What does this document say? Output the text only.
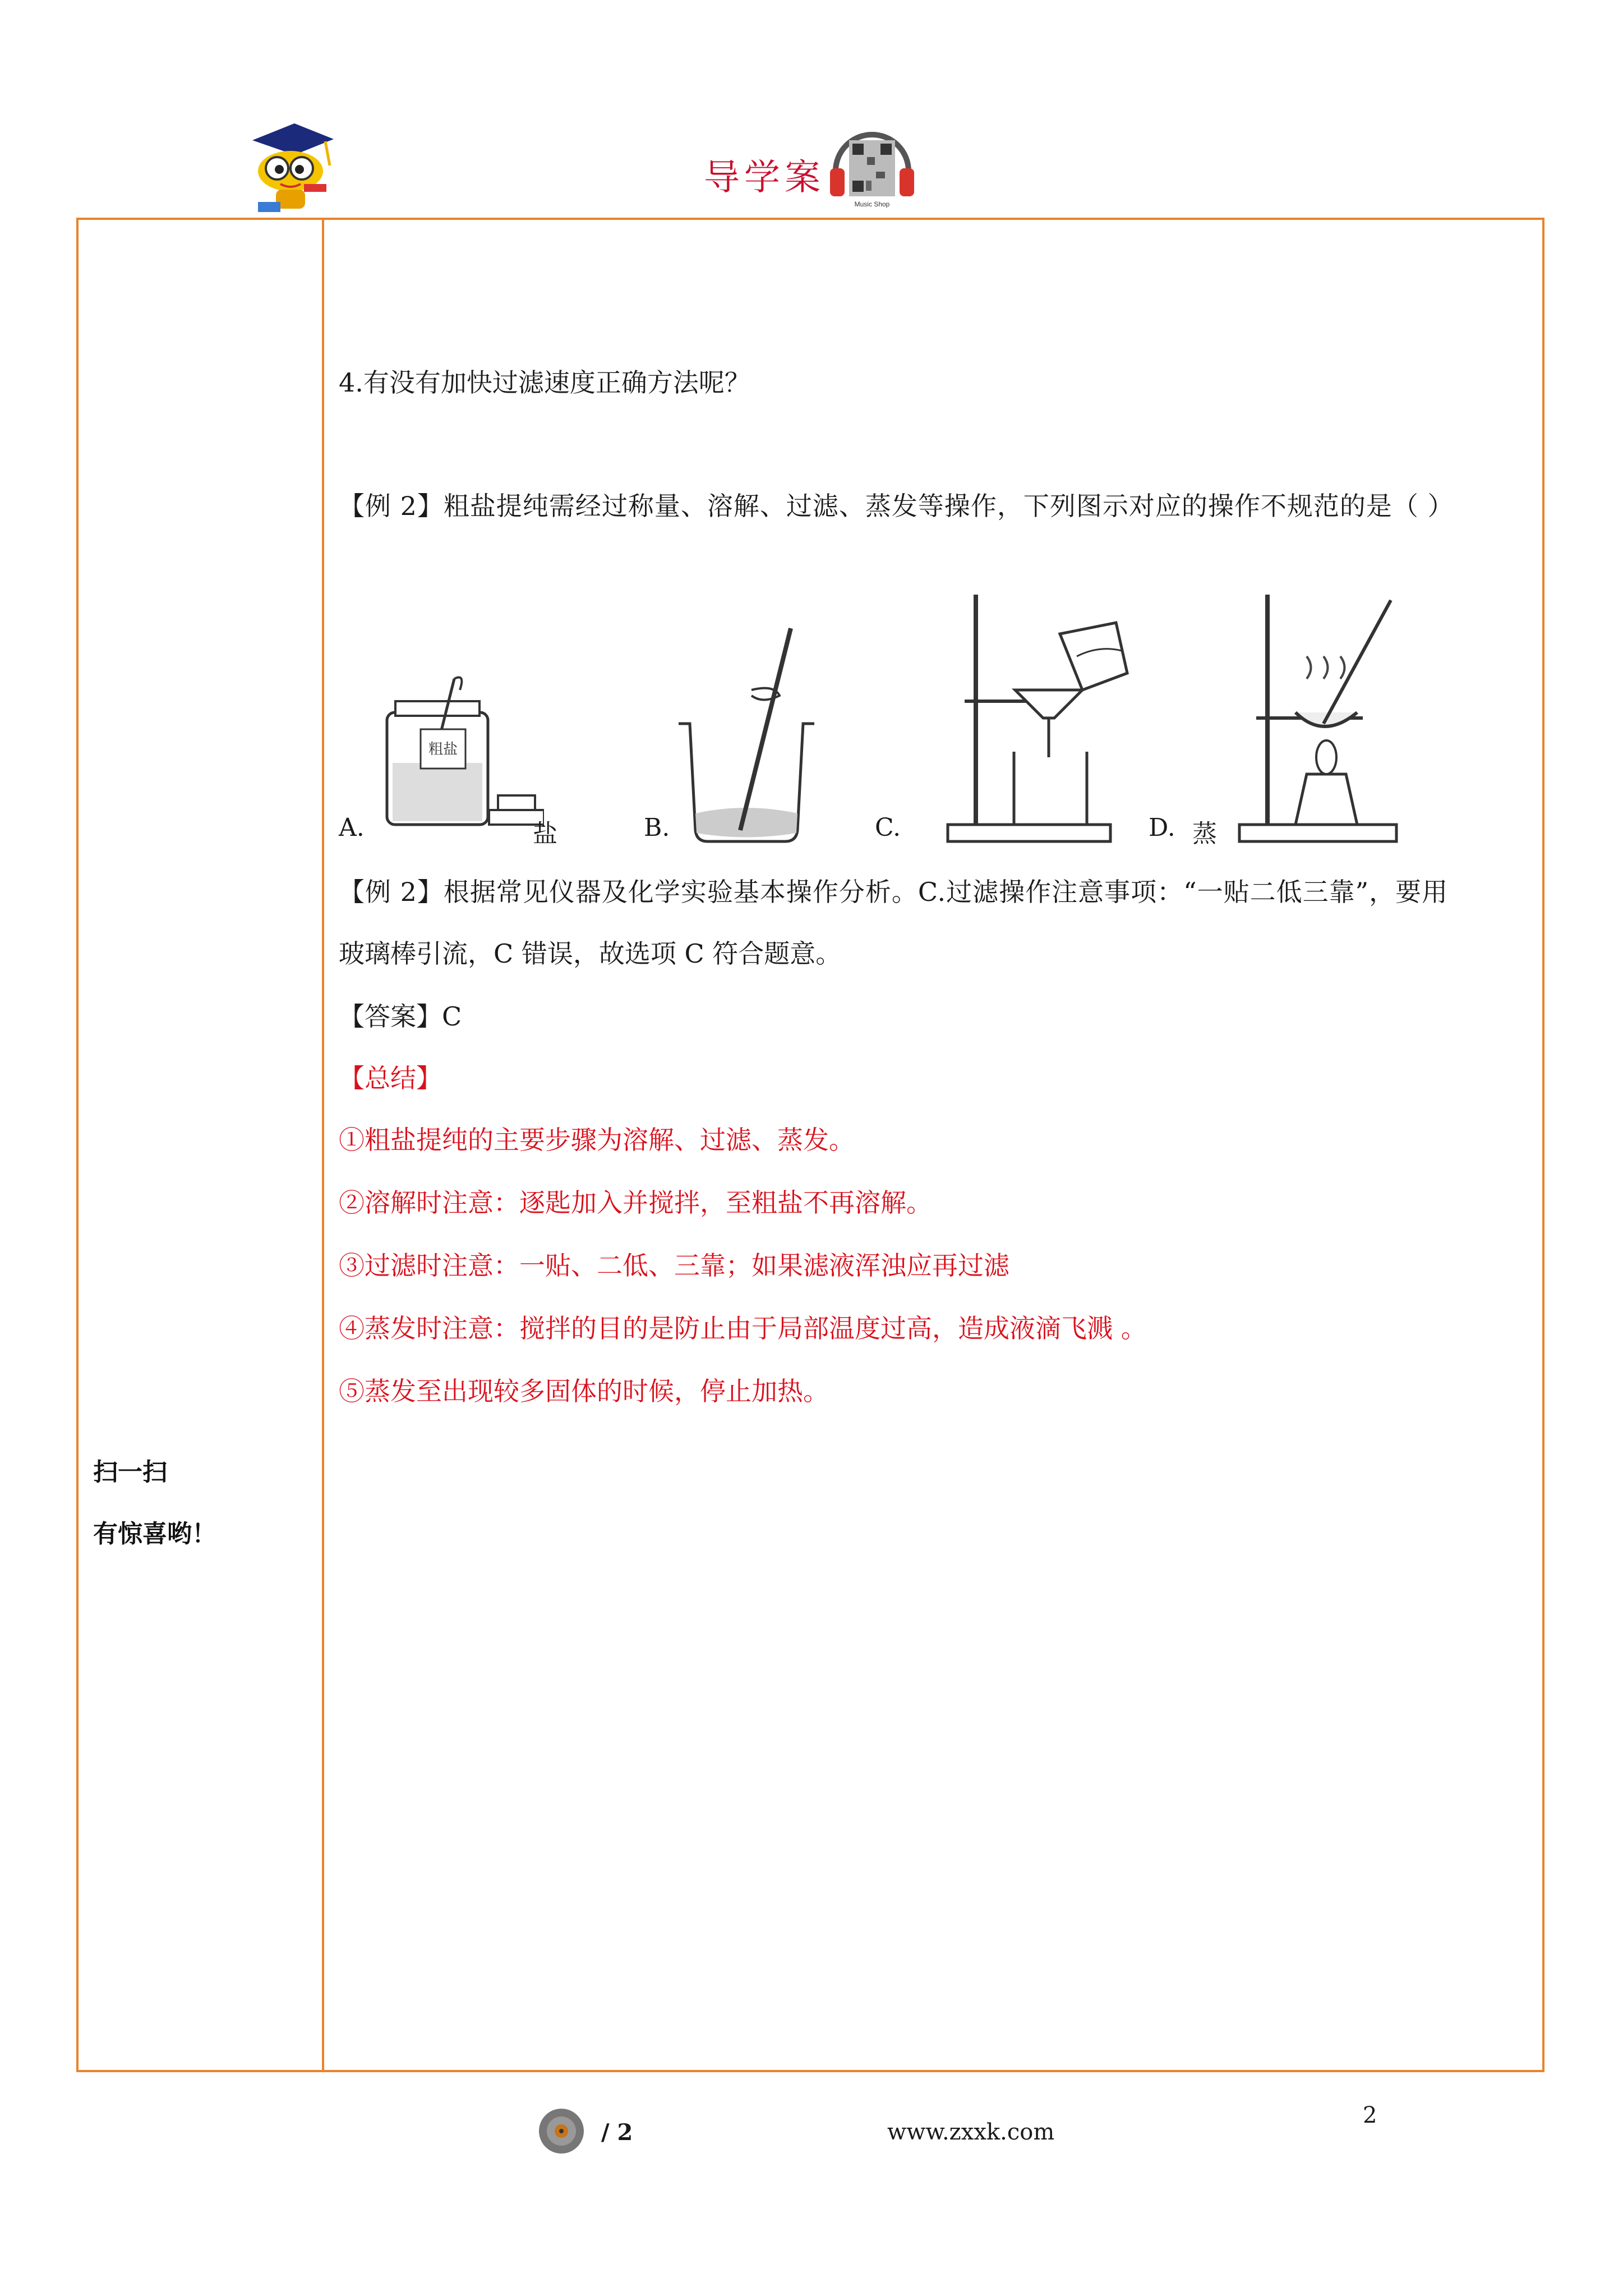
导学案
Music Shop
扫一扫
有惊喜哟！
4.有没有加快过滤速度正确方法呢？
【例 2】粗盐提纯需经过称量、溶解、过滤、蒸发等操作，下列图示对应的操作不规范的是（ ）
A.
粗盐
盐	B.	C.	D. 蒸
【例 2】根据常见仪器及化学实验基本操作分析。C.过滤操作注意事项：“一贴二低三靠”，要用
玻璃棒引流，C 错误，故选项 C 符合题意。
【答案】C
【总结】
①粗盐提纯的主要步骤为溶解、过滤、蒸发。
②溶解时注意：逐匙加入并搅拌，至粗盐不再溶解。
③过滤时注意：一贴、二低、三靠；如果滤液浑浊应再过滤
④蒸发时注意：搅拌的目的是防止由于局部温度过高，造成液滴飞溅 。
⑤蒸发至出现较多固体的时候，停止加热。
/ 2	www.zxxk.com
2
